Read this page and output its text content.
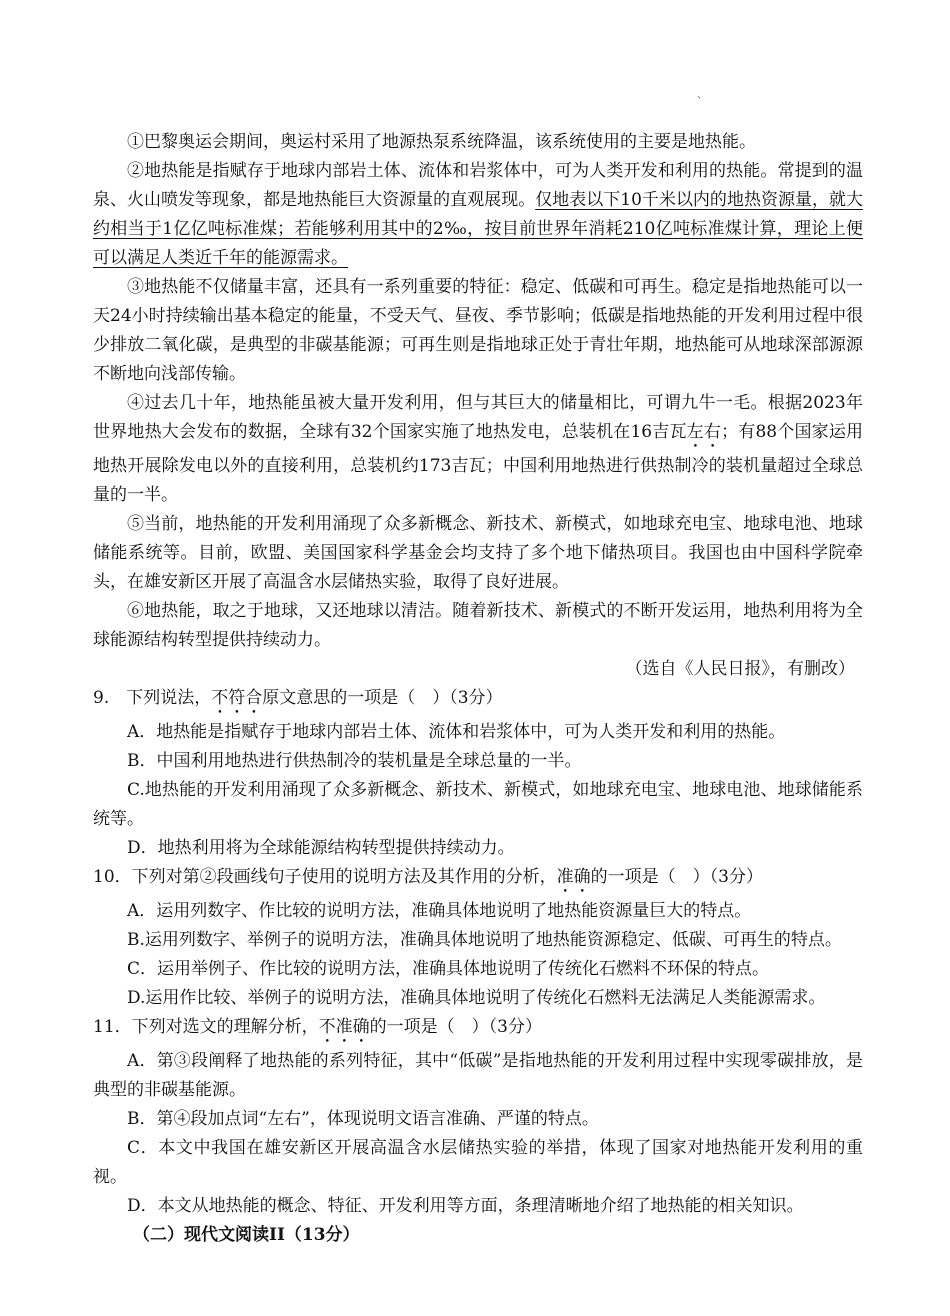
、

①巴黎奥运会期间，奥运村采用了地源热泵系统降温，该系统使用的主要是地热能。

②地热能是指赋存于地球内部岩土体、流体和岩浆体中，可为人类开发和利用的热能。常提到的温泉、火山喷发等现象，都是地热能巨大资源量的直观展现。仅地表以下10千米以内的地热资源量，就大约相当于1亿亿吨标准煤；若能够利用其中的2‰，按目前世界年消耗210亿吨标准煤计算，理论上便可以满足人类近千年的能源需求。

③地热能不仅储量丰富，还具有一系列重要的特征：稳定、低碳和可再生。稳定是指地热能可以一天24小时持续输出基本稳定的能量，不受天气、昼夜、季节影响；低碳是指地热能的开发利用过程中很少排放二氧化碳，是典型的非碳基能源；可再生则是指地球正处于青壮年期，地热能可从地球深部源源不断地向浅部传输。

④过去几十年，地热能虽被大量开发利用，但与其巨大的储量相比，可谓九牛一毛。根据2023年世界地热大会发布的数据，全球有32个国家实施了地热发电，总装机在16吉瓦左右；有88个国家运用地热开展除发电以外的直接利用，总装机约173吉瓦；中国利用地热进行供热制冷的装机量超过全球总量的一半。

⑤当前，地热能的开发利用涌现了众多新概念、新技术、新模式，如地球充电宝、地球电池、地球储能系统等。目前，欧盟、美国国家科学基金会均支持了多个地下储热项目。我国也由中国科学院牵头，在雄安新区开展了高温含水层储热实验，取得了良好进展。

⑥地热能，取之于地球，又还地球以清洁。随着新技术、新模式的不断开发运用，地热利用将为全球能源结构转型提供持续动力。

（选自《人民日报》，有删改）

9.　下列说法，不符合原文意思的一项是（　）（3分）

A．地热能是指赋存于地球内部岩土体、流体和岩浆体中，可为人类开发和利用的热能。

B．中国利用地热进行供热制冷的装机量是全球总量的一半。

C.地热能的开发利用涌现了众多新概念、新技术、新模式，如地球充电宝、地球电池、地球储能系统等。

D．地热利用将为全球能源结构转型提供持续动力。

10．下列对第②段画线句子使用的说明方法及其作用的分析，准确的一项是（　）（3分）

A．运用列数字、作比较的说明方法，准确具体地说明了地热能资源量巨大的特点。

B.运用列数字、举例子的说明方法，准确具体地说明了地热能资源稳定、低碳、可再生的特点。

C．运用举例子、作比较的说明方法，准确具体地说明了传统化石燃料不环保的特点。

D.运用作比较、举例子的说明方法，准确具体地说明了传统化石燃料无法满足人类能源需求。

11．下列对选文的理解分析，不准确的一项是（　）（3分）

A．第③段阐释了地热能的系列特征，其中“低碳”是指地热能的开发利用过程中实现零碳排放，是典型的非碳基能源。

B．第④段加点词“左右”，体现说明文语言准确、严谨的特点。

C．本文中我国在雄安新区开展高温含水层储热实验的举措，体现了国家对地热能开发利用的重视。

D．本文从地热能的概念、特征、开发利用等方面，条理清晰地介绍了地热能的相关知识。

（二）现代文阅读II（13分）
